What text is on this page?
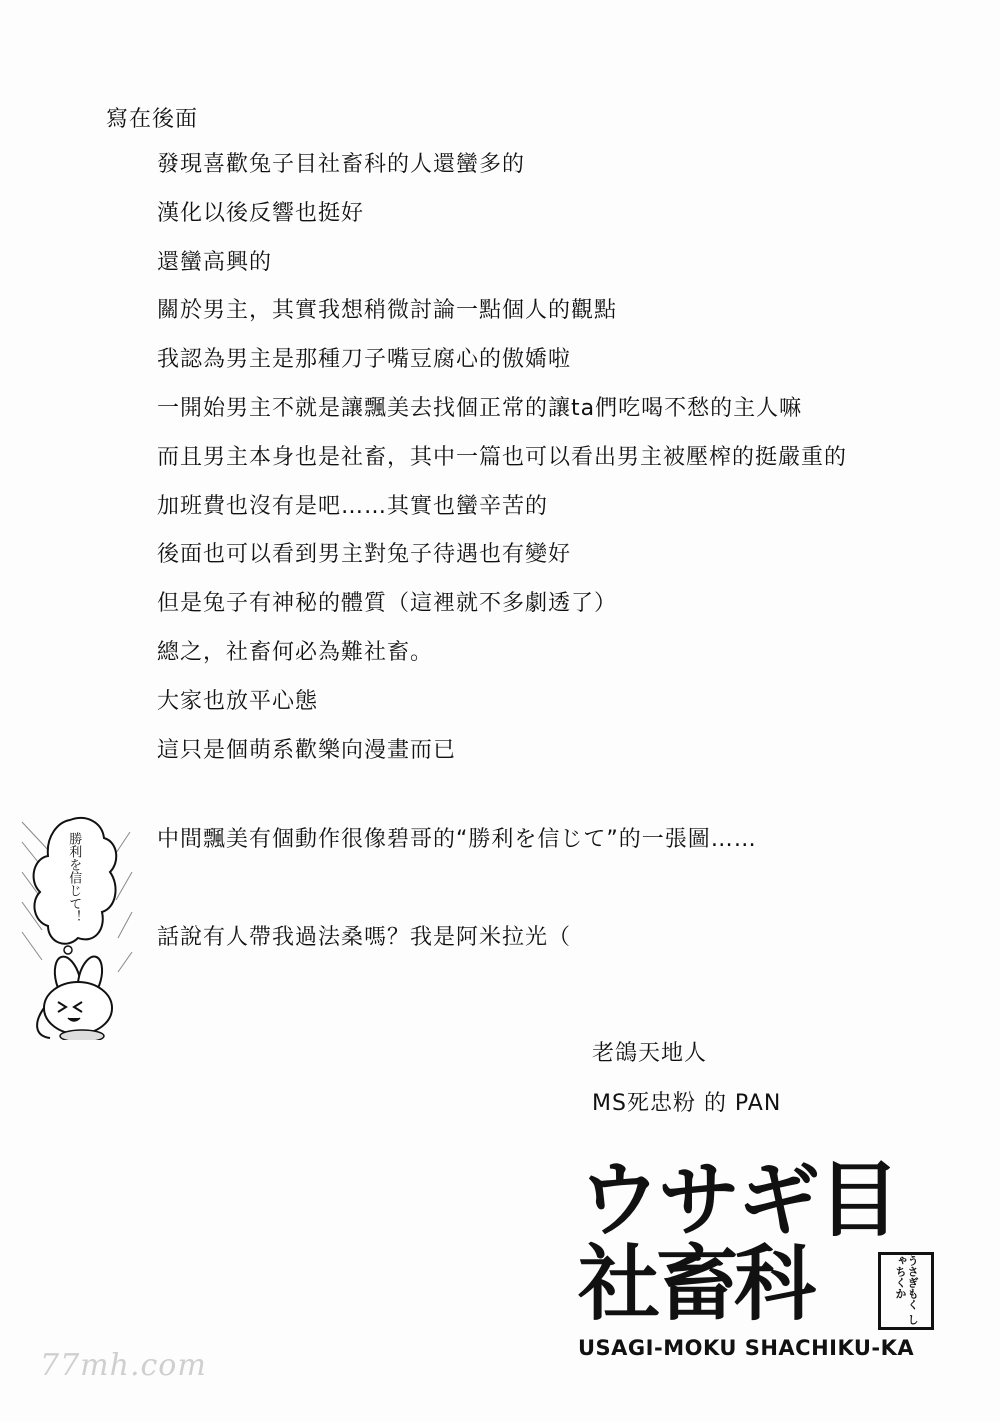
寫在後面
發現喜歡兔子目社畜科的人還蠻多的
漢化以後反響也挺好
還蠻高興的
關於男主，其實我想稍微討論一點個人的觀點
我認為男主是那種刀子嘴豆腐心的傲嬌啦
一開始男主不就是讓飄美去找個正常的讓ta們吃喝不愁的主人嘛
而且男主本身也是社畜，其中一篇也可以看出男主被壓榨的挺嚴重的
加班費也沒有是吧……其實也蠻辛苦的
後面也可以看到男主對兔子待遇也有變好
但是兔子有神秘的體質（這裡就不多劇透了）
總之，社畜何必為難社畜。
大家也放平心態
這只是個萌系歡樂向漫畫而已
勝利を信じて！	中間飄美有個動作很像碧哥的“勝利を信じて”的一張圖……
話說有人帶我過法桑嗎？我是阿米拉光（
老鴿天地人
MS死忠粉 的 PAN
ウサギ目
社畜科	うさぎもく しゃちくか
USAGI-MOKU SHACHIKU-KA
77mh.com
